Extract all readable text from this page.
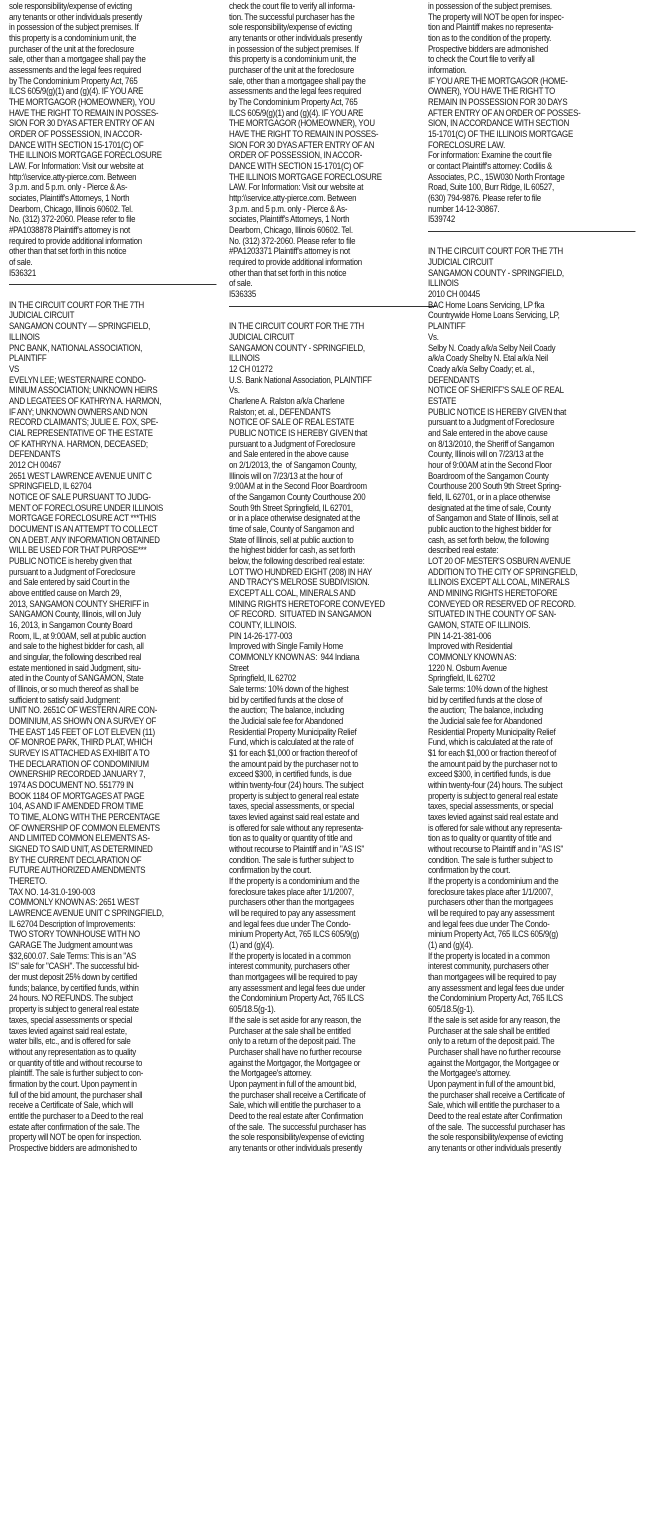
sole responsibility/expense of evicting
any tenants or other individuals presently
in possession of the subject premises. If
this property is a condominium unit, the
purchaser of the unit at the foreclosure
sale, other than a mortgagee shall pay the
assessments and the legal fees required
by The Condominium Property Act, 765
ILCS 605/9(g)(1) and (g)(4). IF YOU ARE
THE MORTGAGOR (HOMEOWNER), YOU
HAVE THE RIGHT TO REMAIN IN POSSES-
SION FOR 30 DYAS AFTER ENTRY OF AN
ORDER OF POSSESSION, IN ACCOR-
DANCE WITH SECTION 15-1701(C) OF
THE ILLINOIS MORTGAGE FORECLOSURE
LAW. For Information: Visit our website at
http:\\service.atty-pierce.com. Between
3 p.m. and 5 p.m. only - Pierce & As-
sociates, Plaintiff's Attorneys, 1 North
Dearborn, Chicago, Illinois 60602. Tel.
No. (312) 372-2060. Please refer to file
#PA1038878 Plaintiff's attorney is not
required to provide additional information
other than that set forth in this notice
of sale.
I536321
IN THE CIRCUIT COURT FOR THE 7TH
JUDICIAL CIRCUIT
SANGAMON COUNTY — SPRINGFIELD,
ILLINOIS
PNC BANK, NATIONAL ASSOCIATION,
PLAINTIFF
VS
EVELYN LEE; WESTERNAIRE CONDO-
MINIUM ASSOCIATION; UNKNOWN HEIRS
AND LEGATEES OF KATHRYN A. HARMON,
IF ANY; UNKNOWN OWNERS AND NON
RECORD CLAIMANTS; JULIE E. FOX, SPE-
CIAL REPRESENTATIVE OF THE ESTATE
OF KATHRYN A. HARMON, DECEASED;
DEFENDANTS
2012 CH 00467
2651 WEST LAWRENCE AVENUE UNIT C
SPRINGFIELD, IL 62704
NOTICE OF SALE PURSUANT TO JUDG-
MENT OF FORECLOSURE UNDER ILLINOIS
MORTGAGE FORECLOSURE ACT ***THIS
DOCUMENT IS AN ATTEMPT TO COLLECT
ON A DEBT. ANY INFORMATION OBTAINED
WILL BE USED FOR THAT PURPOSE***
PUBLIC NOTICE is hereby given that
pursuant to a Judgment of Foreclosure
and Sale entered by said Court in the
above entitled cause on March 29,
2013, SANGAMON COUNTY SHERIFF in
SANGAMON County, Illinois, will on July
16, 2013, in Sangamon County Board
Room, IL, at 9:00AM, sell at public auction
and sale to the highest bidder for cash, all
and singular, the following described real
estate mentioned in said Judgment, situ-
ated in the County of SANGAMON, State
of Illinois, or so much thereof as shall be
sufficient to satisfy said Judgment:
UNIT NO. 2651C OF WESTERN AIRE CON-
DOMINIUM, AS SHOWN ON A SURVEY OF
THE EAST 145 FEET OF LOT ELEVEN (11)
OF MONROE PARK, THIRD PLAT, WHICH
SURVEY IS ATTACHED AS EXHIBIT A TO
THE DECLARATION OF CONDOMINIUM
OWNERSHIP RECORDED JANUARY 7,
1974 AS DOCUMENT NO. 551779 IN
BOOK 1184 OF MORTGAGES AT PAGE
104, AS AND IF AMENDED FROM TIME
TO TIME, ALONG WITH THE PERCENTAGE
OF OWNERSHIP OF COMMON ELEMENTS
AND LIMITED COMMON ELEMENTS AS-
SIGNED TO SAID UNIT, AS DETERMINED
BY THE CURRENT DECLARATION OF
FUTURE AUTHORIZED AMENDMENTS
THERETO.
TAX NO. 14-31.0-190-003
COMMONLY KNOWN AS: 2651 WEST
LAWRENCE AVENUE UNIT C SPRINGFIELD,
IL 62704 Description of Improvements:
TWO STORY TOWNHOUSE WITH NO
GARAGE The Judgment amount was
$32,600.07. Sale Terms: This is an "AS
IS" sale for "CASH". The successful bid-
der must deposit 25% down by certified
funds; balance, by certified funds, within
24 hours. NO REFUNDS. The subject
property is subject to general real estate
taxes, special assessments or special
taxes levied against said real estate,
water bills, etc., and is offered for sale
without any representation as to quality
or quantity of title and without recourse to
plaintiff. The sale is further subject to con-
firmation by the court. Upon payment in
full of the bid amount, the purchaser shall
receive a Certificate of Sale, which will
entitle the purchaser to a Deed to the real
estate after confirmation of the sale. The
property will NOT be open for inspection.
Prospective bidders are admonished to
check the court file to verify all informa-
tion. The successful purchaser has the
sole responsibility/expense of evicting
any tenants or other individuals presently
in possession of the subject premises. If
this property is a condominium unit, the
purchaser of the unit at the foreclosure
sale, other than a mortgagee shall pay the
assessments and the legal fees required
by The Condominium Property Act, 765
ILCS 605/9(g)(1) and (g)(4). IF YOU ARE
THE MORTGAGOR (HOMEOWNER), YOU
HAVE THE RIGHT TO REMAIN IN POSSES-
SION FOR 30 DYAS AFTER ENTRY OF AN
ORDER OF POSSESSION, IN ACCOR-
DANCE WITH SECTION 15-1701(C) OF
THE ILLINOIS MORTGAGE FORECLOSURE
LAW. For Information: Visit our website at
http:\\service.atty-pierce.com. Between
3 p.m. and 5 p.m. only - Pierce & As-
sociates, Plaintiff's Attorneys, 1 North
Dearborn, Chicago, Illinois 60602. Tel.
No. (312) 372-2060. Please refer to file
#PA1203371 Plaintiff's attorney is not
required to provide additional information
other than that set forth in this notice
of sale.
I536335
IN THE CIRCUIT COURT FOR THE 7TH
JUDICIAL CIRCUIT
SANGAMON COUNTY - SPRINGFIELD,
ILLINOIS
12 CH 01272
U.S. Bank National Association, PLAINTIFF
Vs.
Charlene A. Ralston a/k/a Charlene
Ralston; et. al., DEFENDANTS
NOTICE OF SALE OF REAL ESTATE
PUBLIC NOTICE IS HEREBY GIVEN that
pursuant to a Judgment of Foreclosure
and Sale entered in the above cause
on 2/1/2013, the  of Sangamon County,
Illinois will on 7/23/13 at the hour of
9:00AM at in the Second Floor Boardroom
of the Sangamon County Courthouse 200
South 9th Street Springfield, IL 62701,
or in a place otherwise designated at the
time of sale, County of Sangamon and
State of Illinois, sell at public auction to
the highest bidder for cash, as set forth
below, the following described real estate:
LOT TWO HUNDRED EIGHT (208) IN HAY
AND TRACY'S MELROSE SUBDIVISION.
EXCEPT ALL COAL, MINERALS AND
MINING RIGHTS HERETOFORE CONVEYED
OF RECORD.  SITUATED IN SANGAMON
COUNTY, ILLINOIS.
PIN 14-26-177-003
Improved with Single Family Home
COMMONLY KNOWN AS:  944 Indiana
Street
Springfield, IL 62702
Sale terms: 10% down of the highest
bid by certified funds at the close of
the auction;  The balance, including
the Judicial sale fee for Abandoned
Residential Property Municipality Relief
Fund, which is calculated at the rate of
$1 for each $1,000 or fraction thereof of
the amount paid by the purchaser not to
exceed $300, in certified funds, is due
within twenty-four (24) hours. The subject
property is subject to general real estate
taxes, special assessments, or special
taxes levied against said real estate and
is offered for sale without any representa-
tion as to quality or quantity of title and
without recourse to Plaintiff and in "AS IS"
condition. The sale is further subject to
confirmation by the court.
If the property is a condominium and the
foreclosure takes place after 1/1/2007,
purchasers other than the mortgagees
will be required to pay any assessment
and legal fees due under The Condo-
minium Property Act, 765 ILCS 605/9(g)
(1) and (g)(4).
If the property is located in a common
interest community, purchasers other
than mortgagees will be required to pay
any assessment and legal fees due under
the Condominium Property Act, 765 ILCS
605/18.5(g-1).
If the sale is set aside for any reason, the
Purchaser at the sale shall be entitled
only to a return of the deposit paid. The
Purchaser shall have no further recourse
against the Mortgagor, the Mortgagee or
the Mortgagee's attorney.
Upon payment in full of the amount bid,
the purchaser shall receive a Certificate of
Sale, which will entitle the purchaser to a
Deed to the real estate after Confirmation
of the sale.  The successful purchaser has
the sole responsibility/expense of evicting
any tenants or other individuals presently
in possession of the subject premises.
The property will NOT be open for inspec-
tion and Plaintiff makes no representa-
tion as to the condition of the property.
Prospective bidders are admonished
to check the Court file to verify all
information.
IF YOU ARE THE MORTGAGOR (HOME-
OWNER), YOU HAVE THE RIGHT TO
REMAIN IN POSSESSION FOR 30 DAYS
AFTER ENTRY OF AN ORDER OF POSSES-
SION, IN ACCORDANCE WITH SECTION
15-1701(C) OF THE ILLINOIS MORTGAGE
FORECLOSURE LAW.
For information: Examine the court file
or contact Plaintiff's attorney: Codilis &
Associates, P.C., 15W030 North Frontage
Road, Suite 100, Burr Ridge, IL 60527,
(630) 794-9876. Please refer to file
number 14-12-30867.
I539742
IN THE CIRCUIT COURT FOR THE 7TH
JUDICIAL CIRCUIT
SANGAMON COUNTY - SPRINGFIELD,
ILLINOIS
2010 CH 00445
BAC Home Loans Servicing, LP fka
Countrywide Home Loans Servicing, LP,
PLAINTIFF
Vs.
Selby N. Coady a/k/a Selby Neil Coady
a/k/a Coady Shelby N. Etal a/k/a Neil
Coady a/k/a Selby Coady; et. al.,
DEFENDANTS
NOTICE OF SHERIFF'S SALE OF REAL
ESTATE
PUBLIC NOTICE IS HEREBY GIVEN that
pursuant to a Judgment of Foreclosure
and Sale entered in the above cause
on 8/13/2010, the Sheriff of Sangamon
County, Illinois will on 7/23/13 at the
hour of 9:00AM at in the Second Floor
Boardroom of the Sangamon County
Courthouse 200 South 9th Street Spring-
field, IL 62701, or in a place otherwise
designated at the time of sale, County
of Sangamon and State of Illinois, sell at
public auction to the highest bidder for
cash, as set forth below, the following
described real estate:
LOT 20 OF MESTER'S OSBURN AVENUE
ADDITION TO THE CITY OF SPRINGFIELD,
ILLINOIS EXCEPT ALL COAL, MINERALS
AND MINING RIGHTS HERETOFORE
CONVEYED OR RESERVED OF RECORD.
SITUATED IN THE COUNTY OF SAN-
GAMON, STATE OF ILLINOIS.
PIN 14-21-381-006
Improved with Residential
COMMONLY KNOWN AS:
1220 N. Osburn Avenue
Springfield, IL 62702
Sale terms: 10% down of the highest
bid by certified funds at the close of
the auction;  The balance, including
the Judicial sale fee for Abandoned
Residential Property Municipality Relief
Fund, which is calculated at the rate of
$1 for each $1,000 or fraction thereof of
the amount paid by the purchaser not to
exceed $300, in certified funds, is due
within twenty-four (24) hours. The subject
property is subject to general real estate
taxes, special assessments, or special
taxes levied against said real estate and
is offered for sale without any representa-
tion as to quality or quantity of title and
without recourse to Plaintiff and in "AS IS"
condition. The sale is further subject to
confirmation by the court.
If the property is a condominium and the
foreclosure takes place after 1/1/2007,
purchasers other than the mortgagees
will be required to pay any assessment
and legal fees due under The Condo-
minium Property Act, 765 ILCS 605/9(g)
(1) and (g)(4).
If the property is located in a common
interest community, purchasers other
than mortgagees will be required to pay
any assessment and legal fees due under
the Condominium Property Act, 765 ILCS
605/18.5(g-1).
If the sale is set aside for any reason, the
Purchaser at the sale shall be entitled
only to a return of the deposit paid. The
Purchaser shall have no further recourse
against the Mortgagor, the Mortgagee or
the Mortgagee's attorney.
Upon payment in full of the amount bid,
the purchaser shall receive a Certificate of
Sale, which will entitle the purchaser to a
Deed to the real estate after Confirmation
of the sale.  The successful purchaser has
the sole responsibility/expense of evicting
any tenants or other individuals presently
